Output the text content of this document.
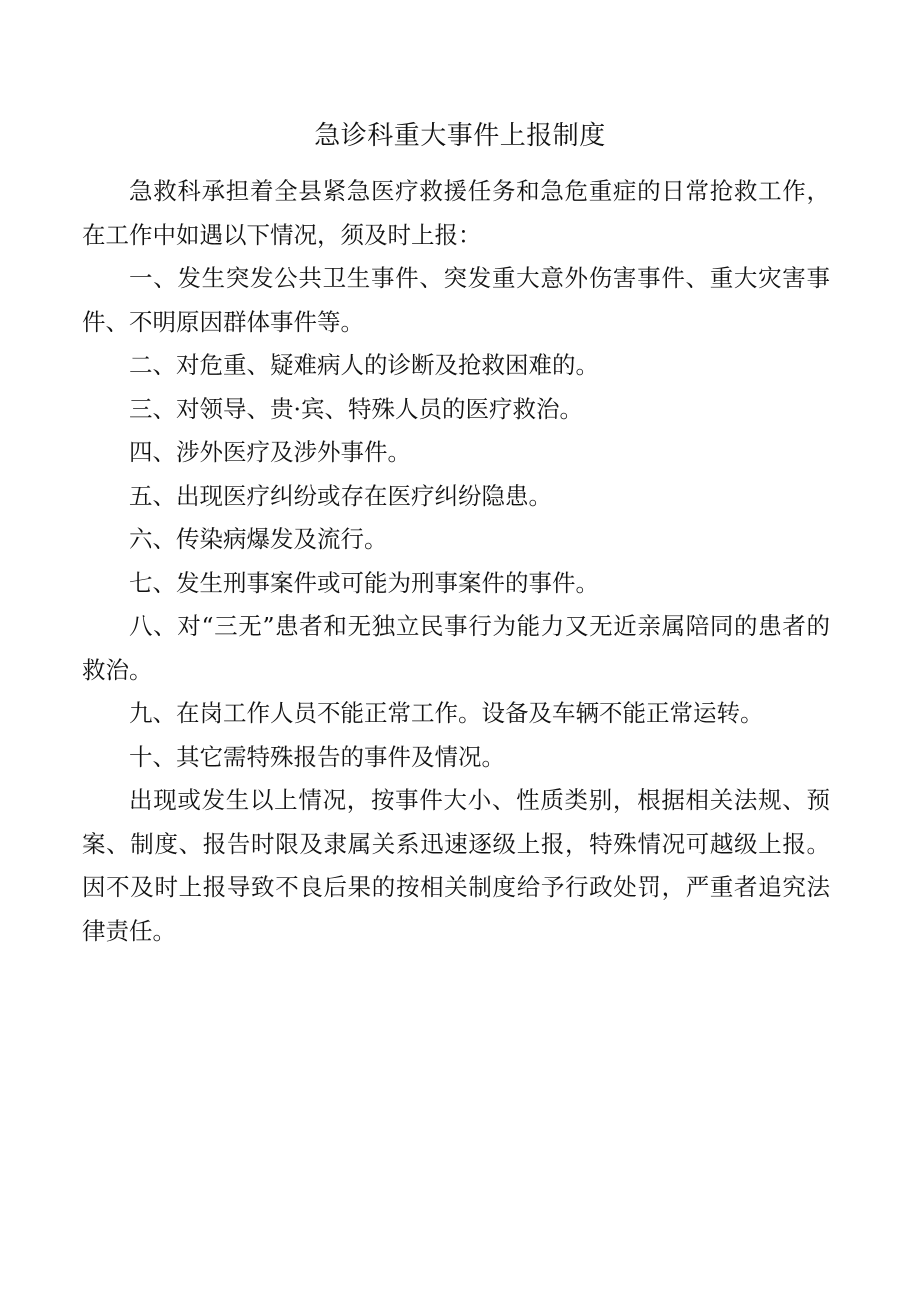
急诊科重大事件上报制度

急救科承担着全县紧急医疗救援任务和急危重症的日常抢救工作，在工作中如遇以下情况，须及时上报：

一、发生突发公共卫生事件、突发重大意外伤害事件、重大灾害事件、不明原因群体事件等。

二、对危重、疑难病人的诊断及抢救困难的。

三、对领导、贵·宾、特殊人员的医疗救治。

四、涉外医疗及涉外事件。

五、出现医疗纠纷或存在医疗纠纷隐患。

六、传染病爆发及流行。

七、发生刑事案件或可能为刑事案件的事件。

八、对“三无”患者和无独立民事行为能力又无近亲属陪同的患者的救治。

九、在岗工作人员不能正常工作。设备及车辆不能正常运转。

十、其它需特殊报告的事件及情况。

出现或发生以上情况，按事件大小、性质类别，根据相关法规、预案、制度、报告时限及隶属关系迅速逐级上报，特殊情况可越级上报。因不及时上报导致不良后果的按相关制度给予行政处罚，严重者追究法律责任。
